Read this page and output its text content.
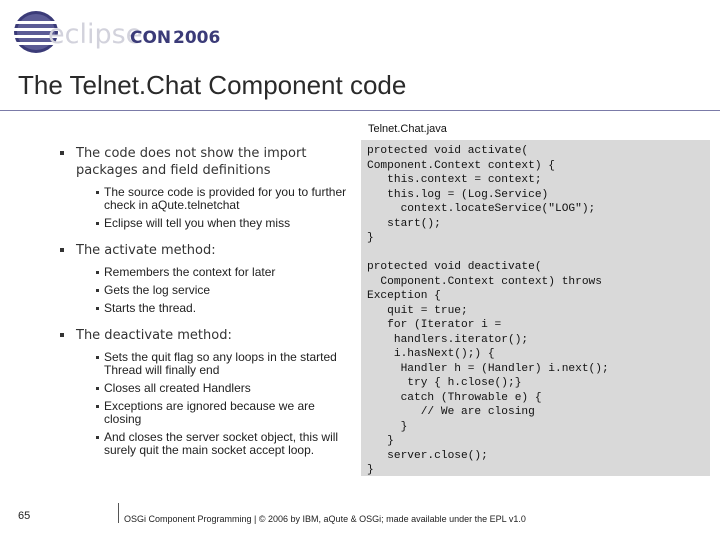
eclipse
CON 2006
The Telnet.Chat Component code
Telnet.Chat.java
The code does not show the import packages and field definitions
The source code is provided for you to further check in aQute.telnetchat
Eclipse will tell you when they miss
The activate method:
Remembers the context for later
Gets the log service
Starts the thread.
The deactivate method:
Sets the quit flag so any loops in the started Thread will finally end
Closes all created Handlers
Exceptions are ignored because we are closing
And closes the server socket object, this will surely quit the main socket accept loop.
protected void activate(
Component.Context context) {
this.context = context;
this.log = (Log.Service)
context.locateService("LOG");
start();
}

protected void deactivate(
Component.Context context) throws
Exception {
quit = true;
for (Iterator i =
handlers.iterator();
i.hasNext();) {
Handler h = (Handler) i.next();
try { h.close();}
catch (Throwable e) {
// We are closing
}
}
server.close();
}
65	OSGi Component Programming | © 2006 by IBM, aQute & OSGi; made available under the EPL v1.0
